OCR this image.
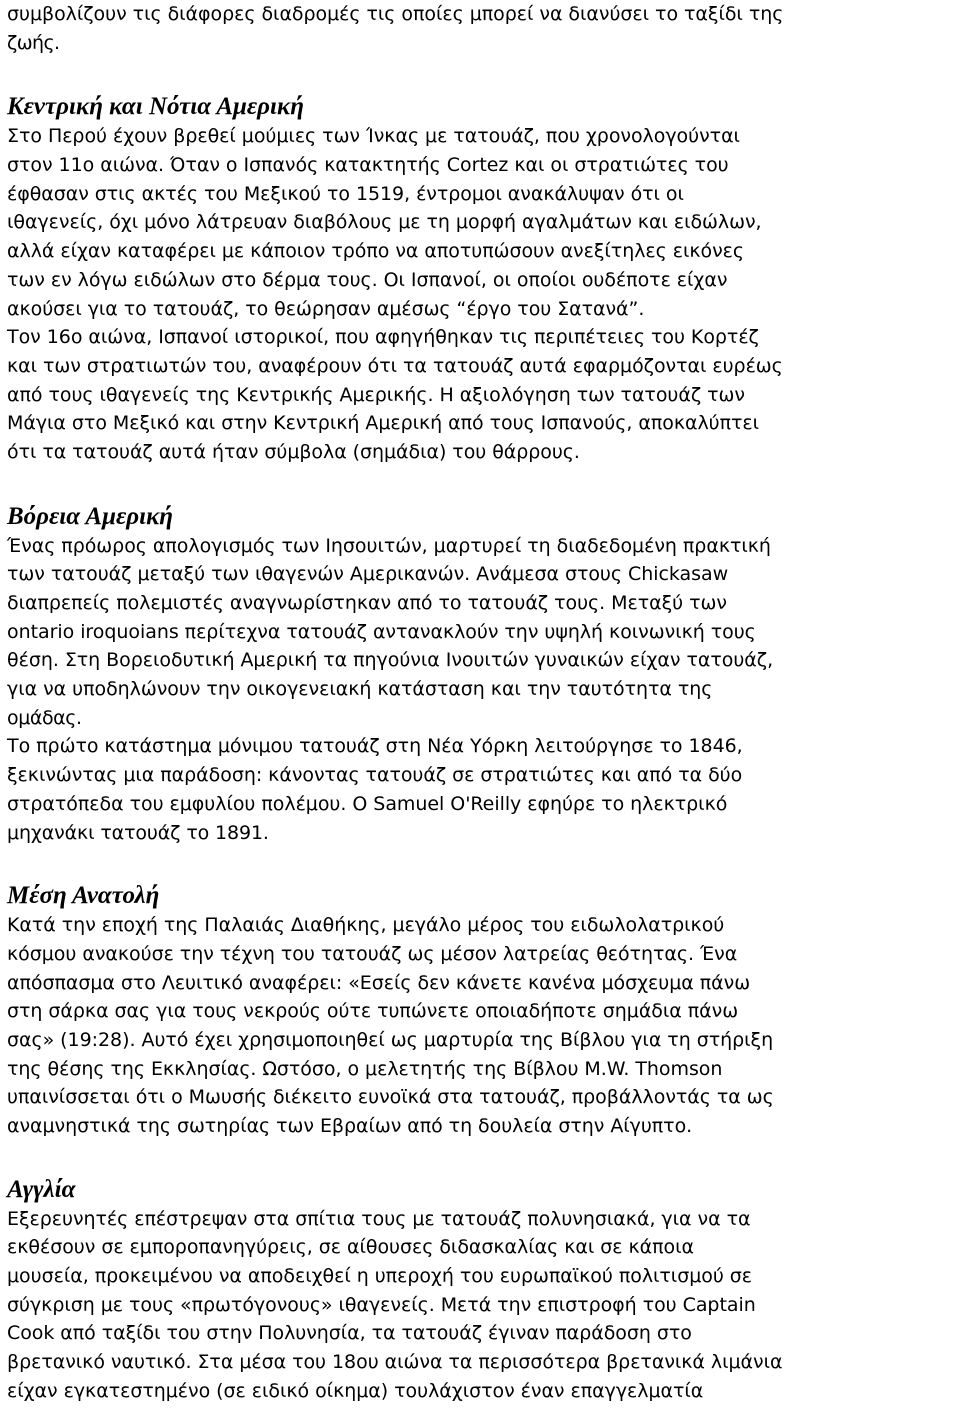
συμβολίζουν τις διάφορες διαδρομές τις οποίες μπορεί να διανύσει το ταξίδι της
ζωής.

Κεντρική και Νότια Αμερική

Στο Περού έχουν βρεθεί μούμιες των Ίνκας με τατουάζ, που χρονολογούνται
στον 11ο αιώνα. Όταν ο Ισπανός κατακτητής Cortez και οι στρατιώτες του
έφθασαν στις ακτές του Μεξικού το 1519, έντρομοι ανακάλυψαν ότι οι
ιθαγενείς, όχι μόνο λάτρευαν διαβόλους με τη μορφή αγαλμάτων και ειδώλων,
αλλά είχαν καταφέρει με κάποιον τρόπο να αποτυπώσουν ανεξίτηλες εικόνες
των εν λόγω ειδώλων στο δέρμα τους. Οι Ισπανοί, οι οποίοι ουδέποτε είχαν
ακούσει για το τατουάζ, το θεώρησαν αμέσως “έργο του Σατανά”.
Τον 16ο αιώνα, Ισπανοί ιστορικοί, που αφηγήθηκαν τις περιπέτειες του Κορτέζ
και των στρατιωτών του, αναφέρουν ότι τα τατουάζ αυτά εφαρμόζονται ευρέως
από τους ιθαγενείς της Κεντρικής Αμερικής. Η αξιολόγηση των τατουάζ των
Μάγια στο Μεξικό και στην Κεντρική Αμερική από τους Ισπανούς, αποκαλύπτει
ότι τα τατουάζ αυτά ήταν σύμβολα (σημάδια) του θάρρους.

Βόρεια Αμερική

Ένας πρόωρος απολογισμός των Ιησουιτών, μαρτυρεί τη διαδεδομένη πρακτική
των τατουάζ μεταξύ των ιθαγενών Αμερικανών. Ανάμεσα στους Chickasaw
διαπρεπείς πολεμιστές αναγνωρίστηκαν από το τατουάζ τους. Μεταξύ των
ontario iroquoians περίτεχνα τατουάζ αντανακλούν την υψηλή κοινωνική τους
θέση. Στη Βορειοδυτική Αμερική τα πηγούνια Ινουιτών γυναικών είχαν τατουάζ,
για να υποδηλώνουν την οικογενειακή κατάσταση και την ταυτότητα της
ομάδας.
Το πρώτο κατάστημα μόνιμου τατουάζ στη Νέα Υόρκη λειτούργησε το 1846,
ξεκινώντας μια παράδοση: κάνοντας τατουάζ σε στρατιώτες και από τα δύο
στρατόπεδα του εμφυλίου πολέμου. Ο Samuel O'Reilly εφηύρε το ηλεκτρικό
μηχανάκι τατουάζ το 1891.

Μέση Ανατολή

Κατά την εποχή της Παλαιάς Διαθήκης, μεγάλο μέρος του ειδωλολατρικού
κόσμου ανακούσε την τέχνη του τατουάζ ως μέσον λατρείας θεότητας. Ένα
απόσπασμα στο Λευιτικό αναφέρει: «Εσείς δεν κάνετε κανένα μόσχευμα πάνω
στη σάρκα σας για τους νεκρούς ούτε τυπώνετε οποιαδήποτε σημάδια πάνω
σας» (19:28). Αυτό έχει χρησιμοποιηθεί ως μαρτυρία της Βίβλου για τη στήριξη
της θέσης της Εκκλησίας. Ωστόσο, ο μελετητής της Βίβλου M.W. Thomson
υπαινίσσεται ότι ο Μωυσής διέκειτο ευνοϊκά στα τατουάζ, προβάλλοντάς τα ως
αναμνηστικά της σωτηρίας των Εβραίων από τη δουλεία στην Αίγυπτο.

Αγγλία

Εξερευνητές επέστρεψαν στα σπίτια τους με τατουάζ πολυνησιακά, για να τα
εκθέσουν σε εμποροπανηγύρεις, σε αίθουσες διδασκαλίας και σε κάποια
μουσεία, προκειμένου να αποδειχθεί η υπεροχή του ευρωπαϊκού πολιτισμού σε
σύγκριση με τους «πρωτόγονους» ιθαγενείς. Μετά την επιστροφή του Captain
Cook από ταξίδι του στην Πολυνησία, τα τατουάζ έγιναν παράδοση στο
βρετανικό ναυτικό. Στα μέσα του 18ου αιώνα τα περισσότερα βρετανικά λιμάνια
είχαν εγκατεστημένο (σε ειδικό οίκημα) τουλάχιστον έναν επαγγελματία
